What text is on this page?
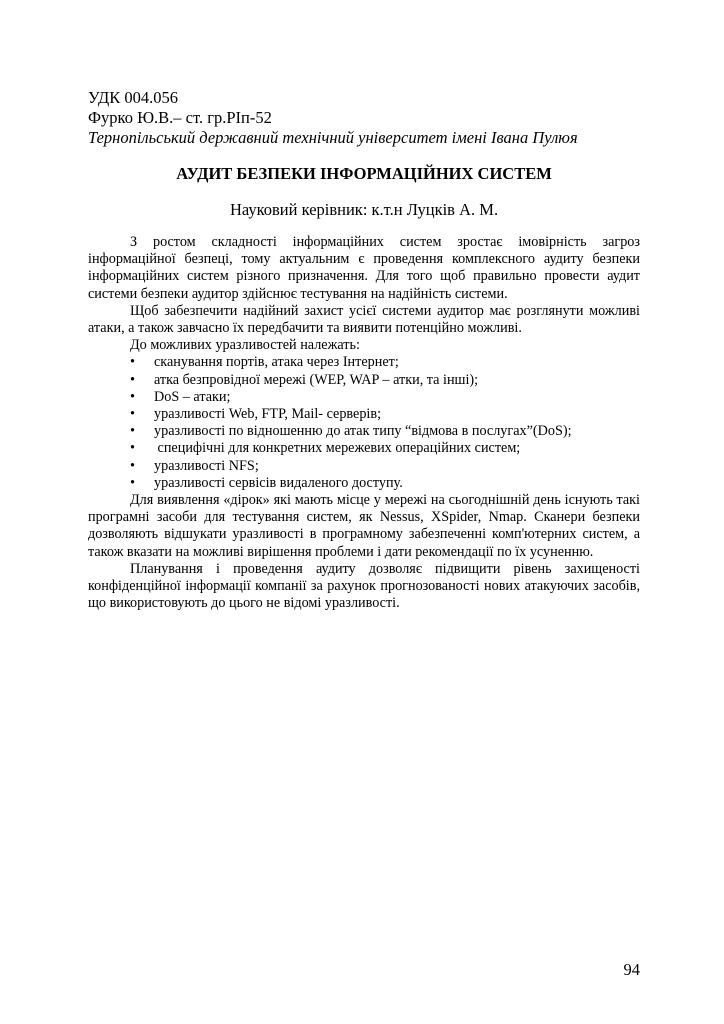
УДК 004.056

Фурко Ю.В.– ст. гр.РІп-52

Тернопільський державний технічний університет імені Івана Пулюя

АУДИТ БЕЗПЕКИ ІНФОРМАЦІЙНИХ СИСТЕМ

Науковий керівник: к.т.н Луцків А. М.

З ростом складності інформаційних систем зростає імовірність загроз інформаційної безпеці, тому актуальним є проведення комплексного аудиту безпеки інформаційних систем різного призначення. Для того щоб правильно провести аудит системи безпеки аудитор здійснює тестування на надійність системи.

Щоб забезпечити надійний захист усієї системи аудитор має розглянути можливі атаки, а також завчасно їх передбачити та виявити потенційно можливі.

До можливих уразливостей належать:

• сканування портів, атака через Інтернет;
• атка безпровідної мережі (WEP, WAP – атки, та інші);
• DoS – атаки;
• уразливості Web, FTP, Mail- серверів;
• уразливості по відношенню до атак типу “відмова в послугах”(DoS);
• специфічні для конкретних мережевих операційних систем;
• уразливості NFS;
• уразливості сервісів видаленого доступу.

Для виявлення «дірок» які мають місце у мережі на сьогоднішній день існують такі програмні засоби для тестування систем, як Nessus, XSpider, Nmap. Сканери безпеки дозволяють відшукати уразливості в програмному забезпеченні комп'ютерних систем, а також вказати на можливі вирішення проблеми і дати рекомендації по їх усуненню.

Планування і проведення аудиту дозволяє підвищити рівень захищеності конфіденційної інформації компанії за рахунок прогнозованості нових атакуючих засобів, що використовують до цього не відомі уразливості.

94
